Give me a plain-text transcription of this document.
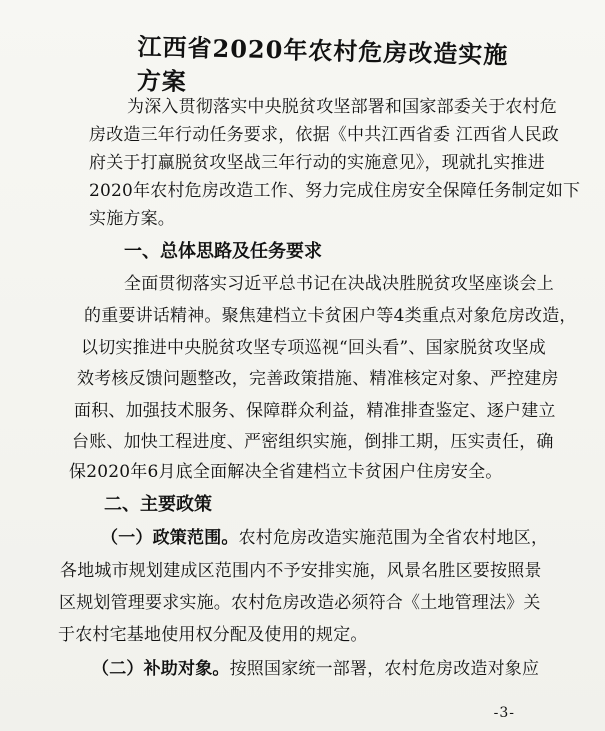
江西省2020年农村危房改造实施方案
为深入贯彻落实中央脱贫攻坚部署和国家部委关于农村危
房改造三年行动任务要求，依据《中共江西省委 江西省人民政
府关于打赢脱贫攻坚战三年行动的实施意见》，现就扎实推进
2020年农村危房改造工作、努力完成住房安全保障任务制定如下
实施方案。
一、总体思路及任务要求
全面贯彻落实习近平总书记在决战决胜脱贫攻坚座谈会上
的重要讲话精神。聚焦建档立卡贫困户等4类重点对象危房改造，
以切实推进中央脱贫攻坚专项巡视“回头看”、国家脱贫攻坚成
效考核反馈问题整改，完善政策措施、精准核定对象、严控建房
面积、加强技术服务、保障群众利益，精准排查鉴定、逐户建立
台账、加快工程进度、严密组织实施，倒排工期，压实责任，确
保2020年6月底全面解决全省建档立卡贫困户住房安全。
二、主要政策
（一）政策范围。农村危房改造实施范围为全省农村地区，
各地城市规划建成区范围内不予安排实施，风景名胜区要按照景
区规划管理要求实施。农村危房改造必须符合《土地管理法》关
于农村宅基地使用权分配及使用的规定。
（二）补助对象。按照国家统一部署，农村危房改造对象应
-3-
